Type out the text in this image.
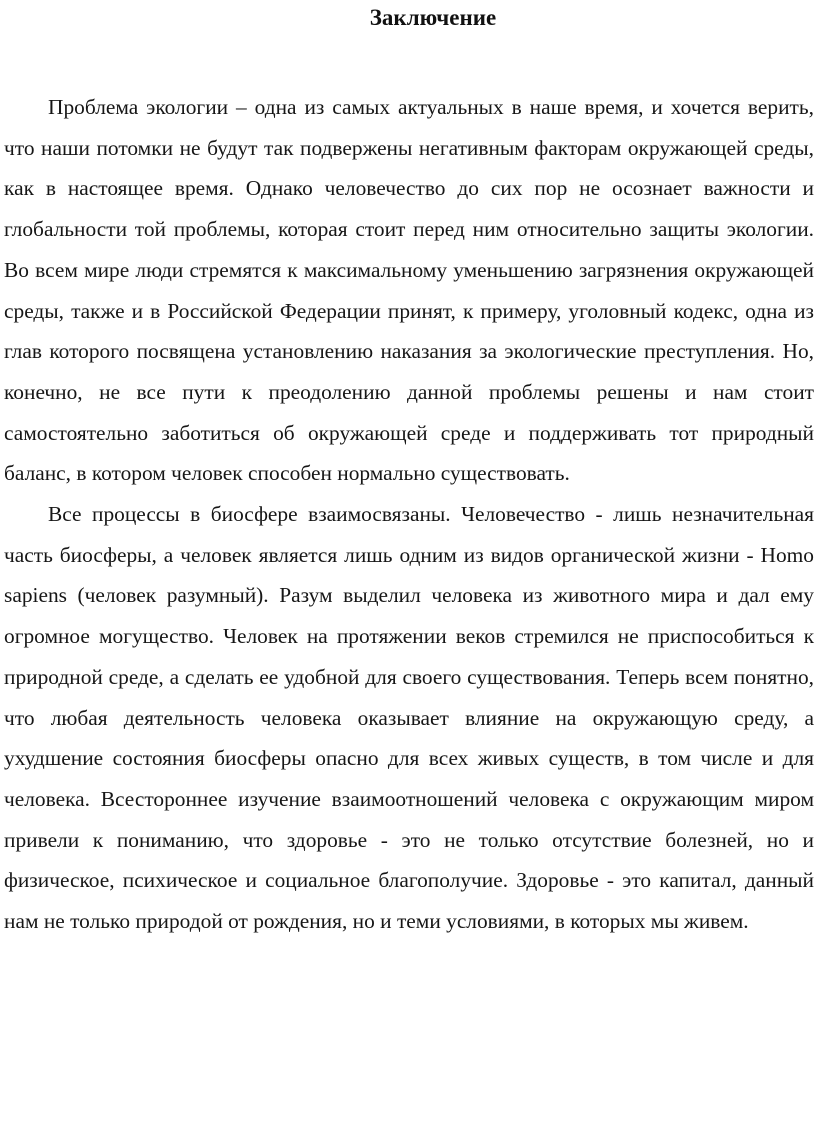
Заключение

Проблема экологии – одна из самых актуальных в наше время, и хочется верить, что наши потомки не будут так подвержены негативным факторам окружающей среды, как в настоящее время. Однако человечество до сих пор не осознает важности и глобальности той проблемы, которая стоит перед ним относительно защиты экологии. Во всем мире люди стремятся к максимальному уменьшению загрязнения окружающей среды, также и в Российской Федерации принят, к примеру, уголовный кодекс, одна из глав которого посвящена установлению наказания за экологические преступления. Но, конечно, не все пути к преодолению данной проблемы решены и нам стоит самостоятельно заботиться об окружающей среде и поддерживать тот природный баланс, в котором человек способен нормально существовать.

Все процессы в биосфере взаимосвязаны. Человечество - лишь незначительная часть биосферы, а человек является лишь одним из видов органической жизни - Homo sapiens (человек разумный). Разум выделил человека из животного мира и дал ему огромное могущество. Человек на протяжении веков стремился не приспособиться к природной среде, а сделать ее удобной для своего существования. Теперь всем понятно, что любая деятельность человека оказывает влияние на окружающую среду, а ухудшение состояния биосферы опасно для всех живых существ, в том числе и для человека. Всестороннее изучение взаимоотношений человека с окружающим миром привели к пониманию, что здоровье - это не только отсутствие болезней, но и физическое, психическое и социальное благополучие. Здоровье - это капитал, данный нам не только природой от рождения, но и теми условиями, в которых мы живем.
